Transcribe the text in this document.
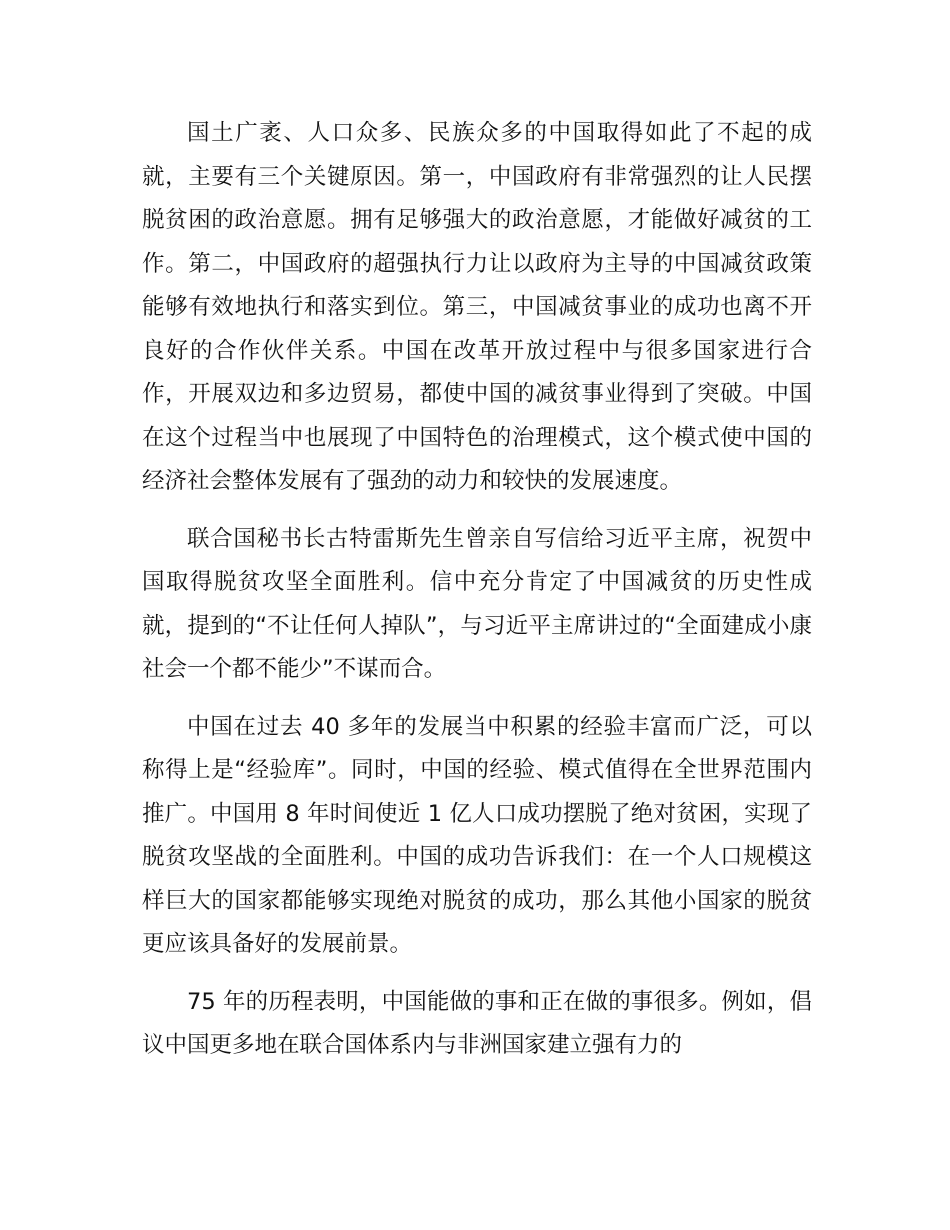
国土广袤、人口众多、民族众多的中国取得如此了不起的成就，主要有三个关键原因。第一，中国政府有非常强烈的让人民摆脱贫困的政治意愿。拥有足够强大的政治意愿，才能做好减贫的工作。第二，中国政府的超强执行力让以政府为主导的中国减贫政策能够有效地执行和落实到位。第三，中国减贫事业的成功也离不开良好的合作伙伴关系。中国在改革开放过程中与很多国家进行合作，开展双边和多边贸易，都使中国的减贫事业得到了突破。中国在这个过程当中也展现了中国特色的治理模式，这个模式使中国的经济社会整体发展有了强劲的动力和较快的发展速度。

联合国秘书长古特雷斯先生曾亲自写信给习近平主席，祝贺中国取得脱贫攻坚全面胜利。信中充分肯定了中国减贫的历史性成就，提到的“不让任何人掉队”，与习近平主席讲过的“全面建成小康社会一个都不能少”不谋而合。

中国在过去 40 多年的发展当中积累的经验丰富而广泛，可以称得上是“经验库”。同时，中国的经验、模式值得在全世界范围内推广。中国用 8 年时间使近 1 亿人口成功摆脱了绝对贫困，实现了脱贫攻坚战的全面胜利。中国的成功告诉我们：在一个人口规模这样巨大的国家都能够实现绝对脱贫的成功，那么其他小国家的脱贫更应该具备好的发展前景。

75 年的历程表明，中国能做的事和正在做的事很多。例如，倡议中国更多地在联合国体系内与非洲国家建立强有力的
